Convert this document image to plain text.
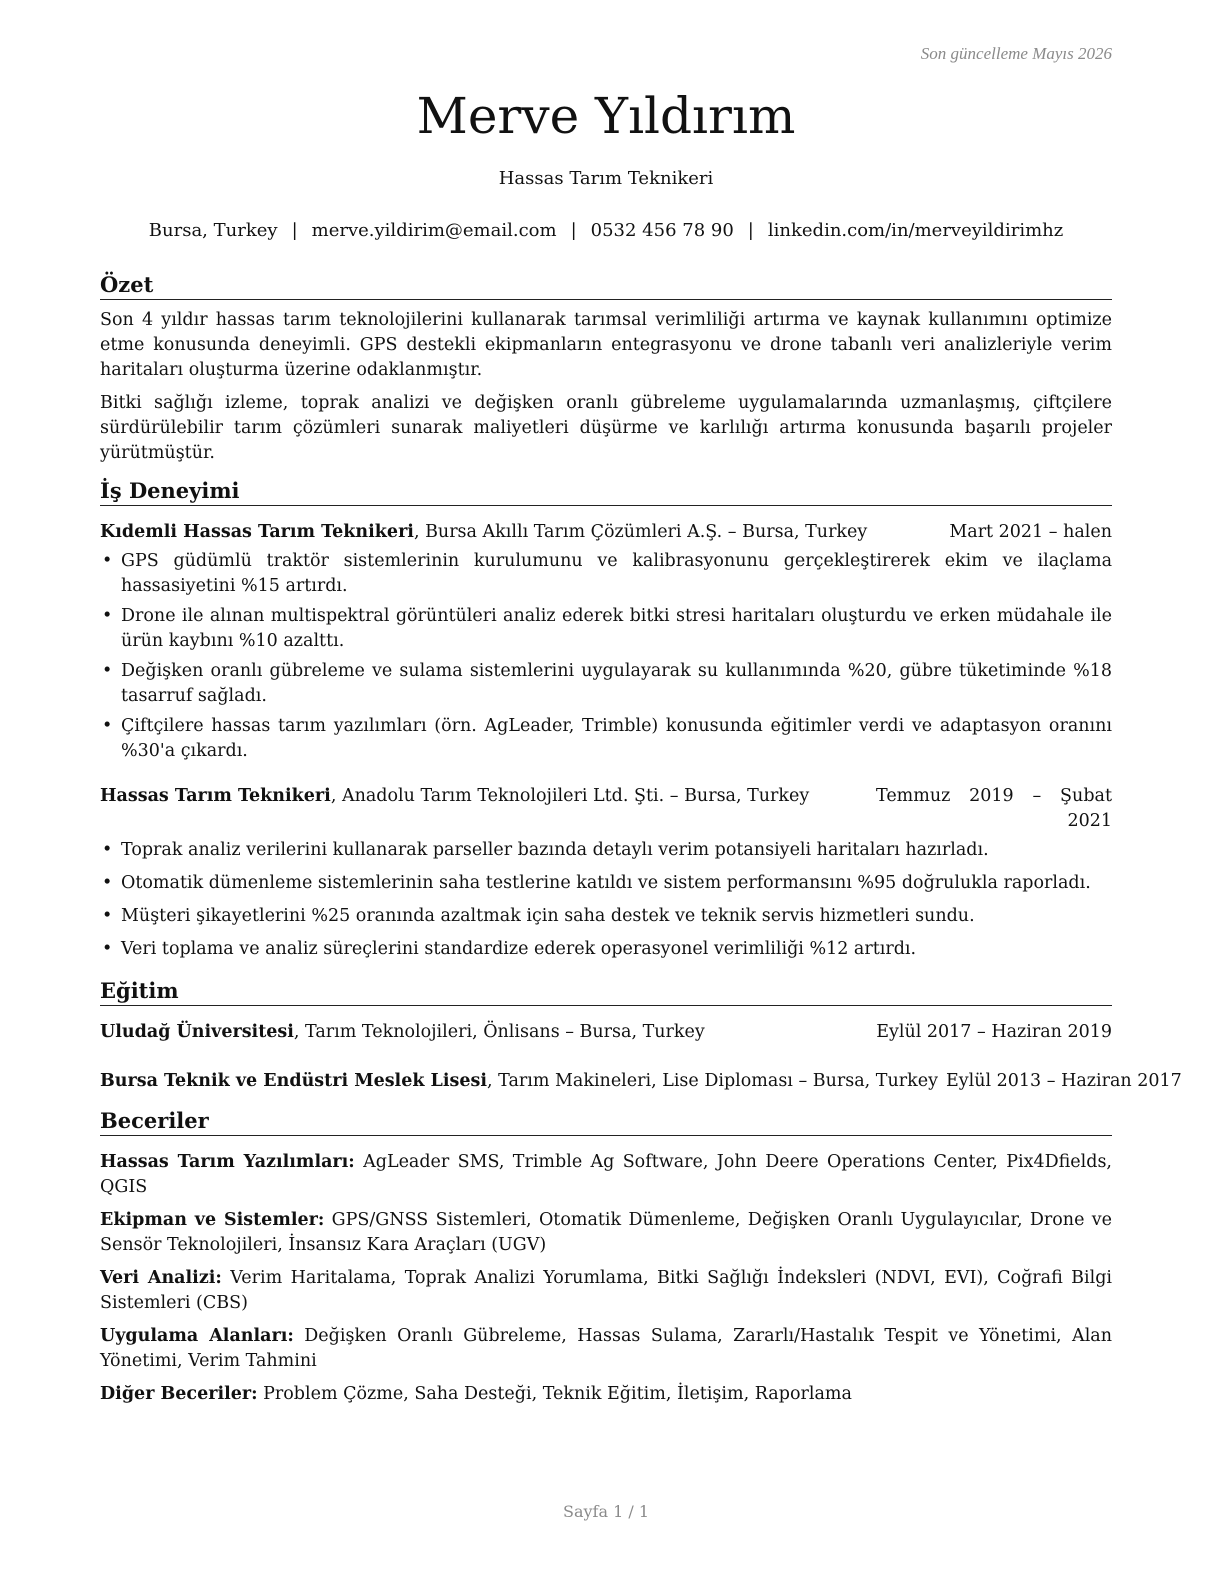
Son güncelleme Mayıs 2026
Merve Yıldırım
Hassas Tarım Teknikeri
Bursa, Turkey | merve.yildirim@email.com | 0532 456 78 90 | linkedin.com/in/merveyildirimhz
Özet

Son 4 yıldır hassas tarım teknolojilerini kullanarak tarımsal verimliliği artırma ve kaynak kullanımını optimize etme konusunda deneyimli. GPS destekli ekipmanların entegrasyonu ve drone tabanlı veri analizleriyle verim haritaları oluşturma üzerine odaklanmıştır.

Bitki sağlığı izleme, toprak analizi ve değişken oranlı gübreleme uygulamalarında uzmanlaşmış, çiftçilere sürdürülebilir tarım çözümleri sunarak maliyetleri düşürme ve karlılığı artırma konusunda başarılı projeler yürütmüştür.

İş Deneyimi
Kıdemli Hassas Tarım Teknikeri, Bursa Akıllı Tarım Çözümleri A.Ş. – Bursa, Turkey	Mart 2021 – halen
• GPS güdümlü traktör sistemlerinin kurulumunu ve kalibrasyonunu gerçekleştirerek ekim ve ilaçlama hassasiyetini %15 artırdı.
• Drone ile alınan multispektral görüntüleri analiz ederek bitki stresi haritaları oluşturdu ve erken müdahale ile ürün kaybını %10 azalttı.
• Değişken oranlı gübreleme ve sulama sistemlerini uygulayarak su kullanımında %20, gübre tüketiminde %18 tasarruf sağladı.
• Çiftçilere hassas tarım yazılımları (örn. AgLeader, Trimble) konusunda eğitimler verdi ve adaptasyon oranını %30'a çıkardı.
Hassas Tarım Teknikeri, Anadolu Tarım Teknolojileri Ltd. Şti. – Bursa, Turkey	Temmuz 2019 – Şubat 2021
• Toprak analiz verilerini kullanarak parseller bazında detaylı verim potansiyeli haritaları hazırladı.
• Otomatik dümenleme sistemlerinin saha testlerine katıldı ve sistem performansını %95 doğrulukla raporladı.
• Müşteri şikayetlerini %25 oranında azaltmak için saha destek ve teknik servis hizmetleri sundu.
• Veri toplama ve analiz süreçlerini standardize ederek operasyonel verimliliği %12 artırdı.
Eğitim
Uludağ Üniversitesi, Tarım Teknolojileri, Önlisans – Bursa, Turkey	Eylül 2017 – Haziran 2019
Bursa Teknik ve Endüstri Meslek Lisesi, Tarım Makineleri, Lise Diploması – Bursa, Turkey Eylül 2013 – Haziran 2017
Beceriler

Hassas Tarım Yazılımları: AgLeader SMS, Trimble Ag Software, John Deere Operations Center, Pix4Dfields, QGIS

Ekipman ve Sistemler: GPS/GNSS Sistemleri, Otomatik Dümenleme, Değişken Oranlı Uygulayıcılar, Drone ve Sensör Teknolojileri, İnsansız Kara Araçları (UGV)

Veri Analizi: Verim Haritalama, Toprak Analizi Yorumlama, Bitki Sağlığı İndeksleri (NDVI, EVI), Coğrafi Bilgi Sistemleri (CBS)

Uygulama Alanları: Değişken Oranlı Gübreleme, Hassas Sulama, Zararlı/Hastalık Tespit ve Yönetimi, Alan Yönetimi, Verim Tahmini

Diğer Beceriler: Problem Çözme, Saha Desteği, Teknik Eğitim, İletişim, Raporlama

Sayfa 1 / 1
